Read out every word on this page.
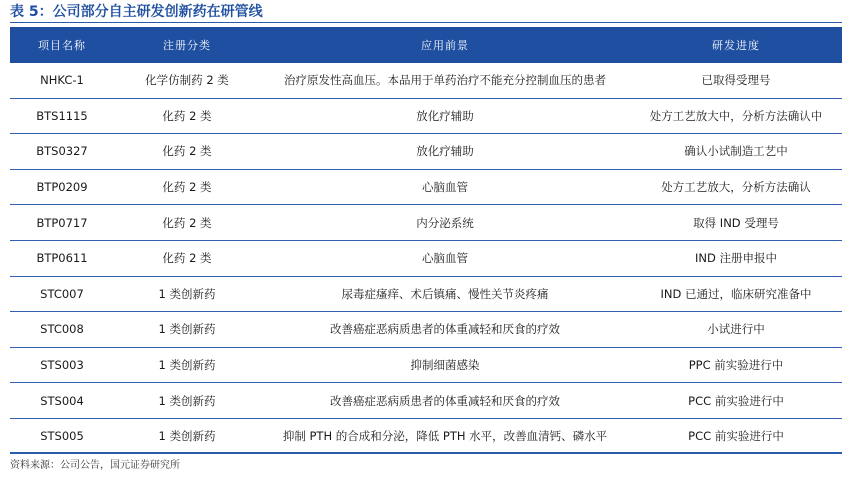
表 5：公司部分自主研发创新药在研管线
项目名称	注册分类	应用前景	研发进度
NHKC-1	化学仿制药 2 类	治疗原发性高血压。本品用于单药治疗不能充分控制血压的患者	已取得受理号
BTS1115	化药 2 类	放化疗辅助	处方工艺放大中，分析方法确认中
BTS0327	化药 2 类	放化疗辅助	确认小试制造工艺中
BTP0209	化药 2 类	心脑血管	处方工艺放大，分析方法确认
BTP0717	化药 2 类	内分泌系统	取得 IND 受理号
BTP0611	化药 2 类	心脑血管	IND 注册申报中
STC007	1 类创新药	尿毒症瘙痒、术后镇痛、慢性关节炎疼痛	IND 已通过，临床研究准备中
STC008	1 类创新药	改善癌症恶病质患者的体重减轻和厌食的疗效	小试进行中
STS003	1 类创新药	抑制细菌感染	PPC 前实验进行中
STS004	1 类创新药	改善癌症恶病质患者的体重减轻和厌食的疗效	PCC 前实验进行中
STS005	1 类创新药	抑制 PTH 的合成和分泌，降低 PTH 水平，改善血清钙、磷水平	PCC 前实验进行中
资料来源：公司公告，国元证券研究所
